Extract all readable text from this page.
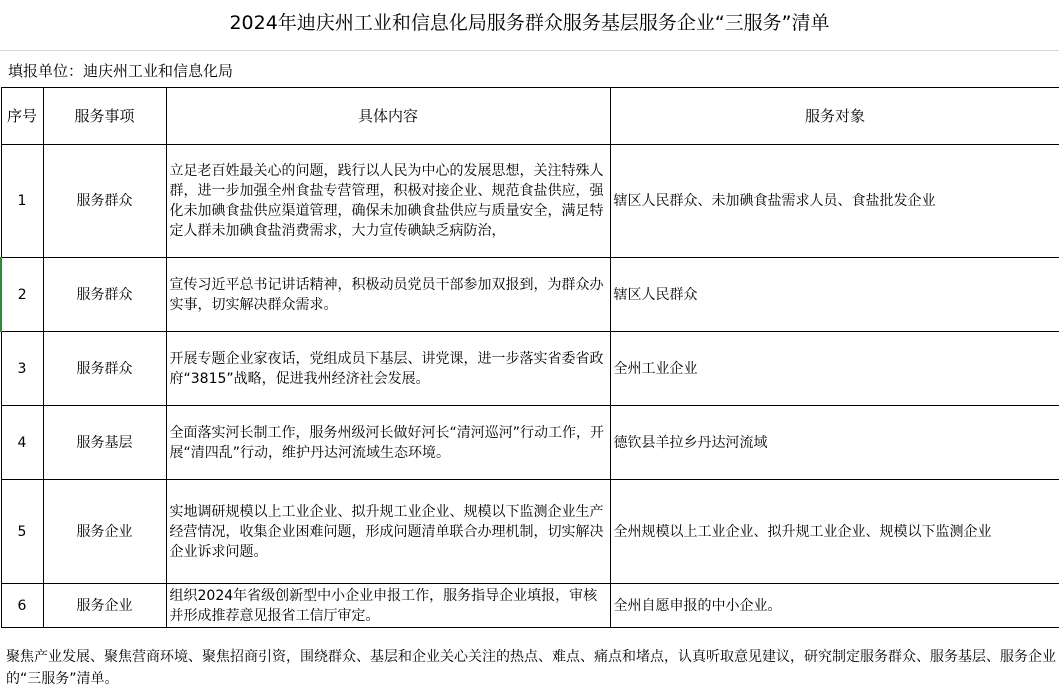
2024年迪庆州工业和信息化局服务群众服务基层服务企业“三服务”清单
填报单位：迪庆州工业和信息化局
序号	服务事项	具体内容	服务对象
1	服务群众	立足老百姓最关心的问题，践行以人民为中心的发展思想，关注特殊人群，进一步加强全州食盐专营管理，积极对接企业、规范食盐供应，强化未加碘食盐供应渠道管理，确保未加碘食盐供应与质量安全，满足特定人群未加碘食盐消费需求，大力宣传碘缺乏病防治，	辖区人民群众、未加碘食盐需求人员、食盐批发企业
2	服务群众	宣传习近平总书记讲话精神，积极动员党员干部参加双报到，为群众办实事，切实解决群众需求。	辖区人民群众
3	服务群众	开展专题企业家夜话，党组成员下基层、讲党课，进一步落实省委省政府“3815”战略，促进我州经济社会发展。	全州工业企业
4	服务基层	全面落实河长制工作，服务州级河长做好河长“清河巡河”行动工作，开展“清四乱”行动，维护丹达河流域生态环境。	德钦县羊拉乡丹达河流域
5	服务企业	实地调研规模以上工业企业、拟升规工业企业、规模以下监测企业生产经营情况，收集企业困难问题，形成问题清单联合办理机制，切实解决企业诉求问题。	全州规模以上工业企业、拟升规工业企业、规模以下监测企业
6	服务企业	组织2024年省级创新型中小企业申报工作，服务指导企业填报，审核并形成推荐意见报省工信厅审定。	全州自愿申报的中小企业。
聚焦产业发展、聚焦营商环境、聚焦招商引资，围绕群众、基层和企业关心关注的热点、难点、痛点和堵点，认真听取意见建议，研究制定服务群众、服务基层、服务企业的“三服务”清单。
